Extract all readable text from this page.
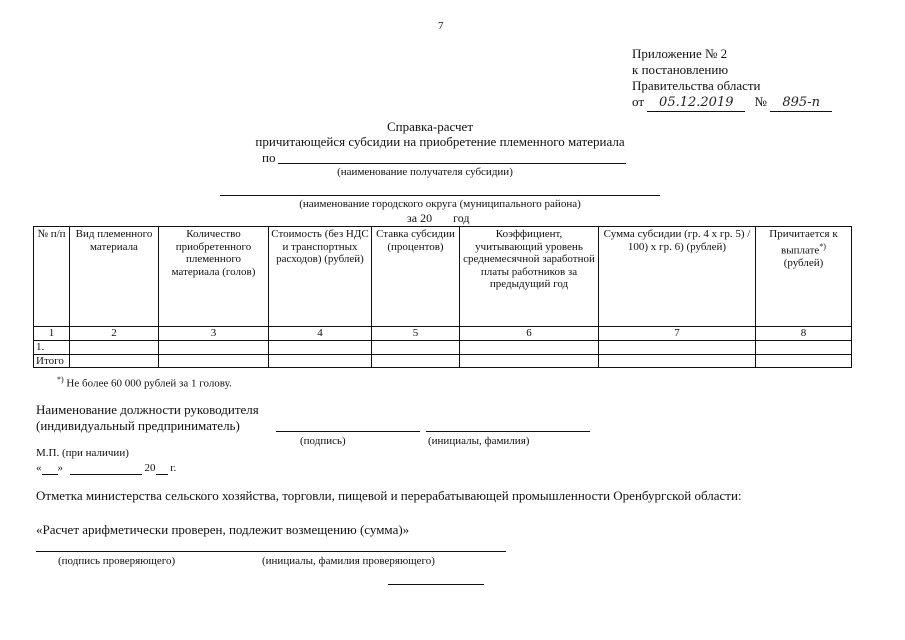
7
Приложение № 2
к постановлению
Правительства области
от 05.12.2019 № 895-п
Справка-расчет
причитающейся субсидии на приобретение племенного материала
по
(наименование получателя субсидии)
(наименование городского округа (муниципального района)
за 20 год
№ п/п	Вид племенного материала	Количество приобретенного племенного материала (голов)	Стоимость (без НДС и транспортных расходов) (рублей)	Ставка субсидии (процентов)	Коэффициент, учитывающий уровень среднемесячной заработной платы работников за предыдущий год	Сумма субсидии (гр. 4 х гр. 5) / 100) х гр. 6) (рублей)	Причитается к выплате*)
(рублей)

1	2	3	4	5	6	7	8
1.							
Итого							
*) Не более 60 000 рублей за 1 голову.
Наименование должности руководителя
(индивидуальный предприниматель)
(подпись)	(инициалы, фамилия)
М.П. (при наличии)
« »	20 г.
Отметка министерства сельского хозяйства, торговли, пищевой и перерабатывающей промышленности Оренбургской области:
«Расчет арифметически проверен, подлежит возмещению (сумма)»
(подпись проверяющего)	(инициалы, фамилия проверяющего)
